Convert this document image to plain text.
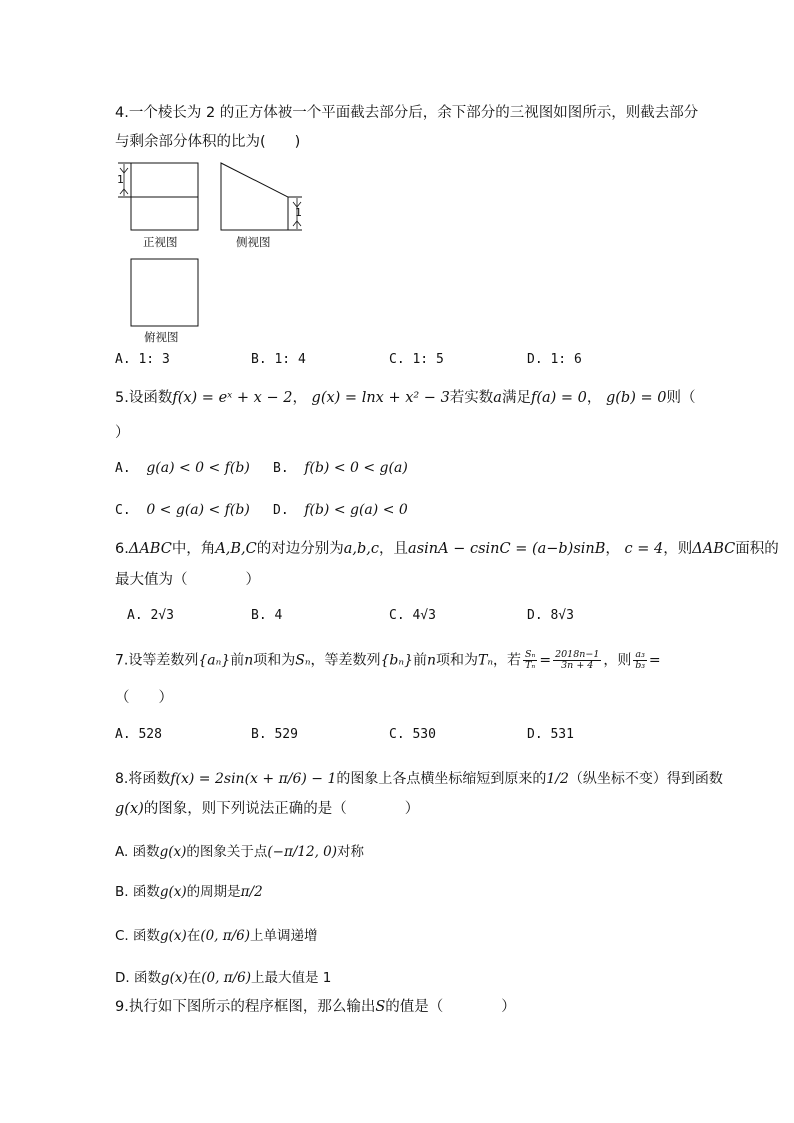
4.一个棱长为 2 的正方体被一个平面截去部分后，余下部分的三视图如图所示，则截去部分
与剩余部分体积的比为(　　)
1
1
正视图	侧视图
俯视图
A. 1: 3	B. 1: 4	C. 1: 5	D. 1: 6
5.设函数f(x) = eˣ + x − 2， g(x) = lnx + x² − 3若实数a满足f(a) = 0， g(b) = 0则（
）
A. g(a) < 0 < f(b) B. f(b) < 0 < g(a)
C. 0 < g(a) < f(b) D. f(b) < g(a) < 0
6.ΔABC中，角A,B,C的对边分别为a,b,c，且asinA − csinC = (a−b)sinB， c = 4，则ΔABC面积的
最大值为（　　　　）
A. 2√3	B. 4	C. 4√3	D. 8√3
7.设等差数列{aₙ}前n项和为Sₙ，等差数列{bₙ}前n项和为Tₙ，若 $\frac{\text{Sₙ}}{\text{Tₙ}} = \frac{2018n-1}{3n + 4}$ ，则 $\frac{\text{a₃}}{\text{b₃}}$ =
（　　）
A. 528	B. 529	C. 530	D. 531
8.将函数f(x) = 2sin(x + π/6) − 1的图象上各点横坐标缩短到原来的1/2（纵坐标不变）得到函数
g(x)的图象，则下列说法正确的是（　　　　）
A. 函数g(x)的图象关于点(−π/12, 0)对称
B. 函数g(x)的周期是π/2
C. 函数g(x)在(0, π/6)上单调递增
D. 函数g(x)在(0, π/6)上最大值是 1
9.执行如下图所示的程序框图，那么输出S的值是（　　　　）
